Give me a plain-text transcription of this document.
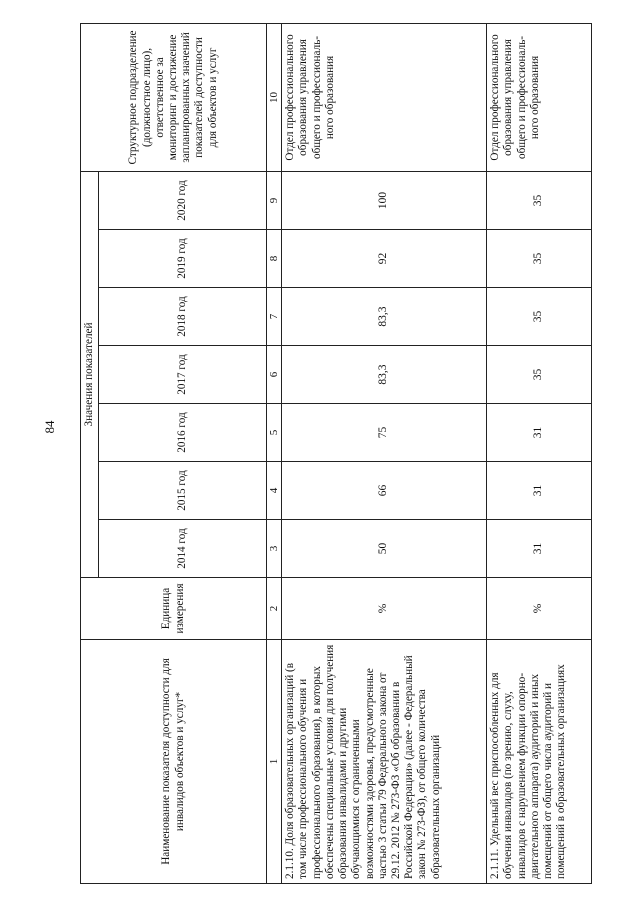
84
Наименование показателя доступности для инвалидов объектов и услуг*	Единица измерения	Значения показателей							Структурное подразделение (должностное лицо), ответственное за мониторинг и достижение запланированных значений показателей доступности для объектов и услуг
		2014 год	2015 год	2016 год	2017 год	2018 год	2019 год	2020 год	
1	2	3	4	5	6	7	8	9	10
2.1.10. Доля образовательных организаций (в том числе профессионального обучения и профессионального образования), в которых обеспечены специальные условия для получения образования инвалидами и другими обучающимися с ограниченными возможностями здоровья, предусмотренные частью 3 статьи 79 Федерального закона от 29.12. 2012 № 273-ФЗ «Об образовании в Российской Федерации» (далее - Федеральный закон № 273-ФЗ), от общего количества образовательных организаций	%	50	66	75	83,3	83,3	92	100	Отдел профессионального образования управления общего и профессионального образования
2.1.11. Удельный вес приспособленных для обучения инвалидов (по зрению, слуху, инвалидов с нарушением функции опорно-двигательного аппарата) аудиторий и иных помещений от общего числа аудиторий и помещений в образовательных организациях	%	31	31	31	35	35	35	35	Отдел профессионального образования управления общего и профессионального образования
